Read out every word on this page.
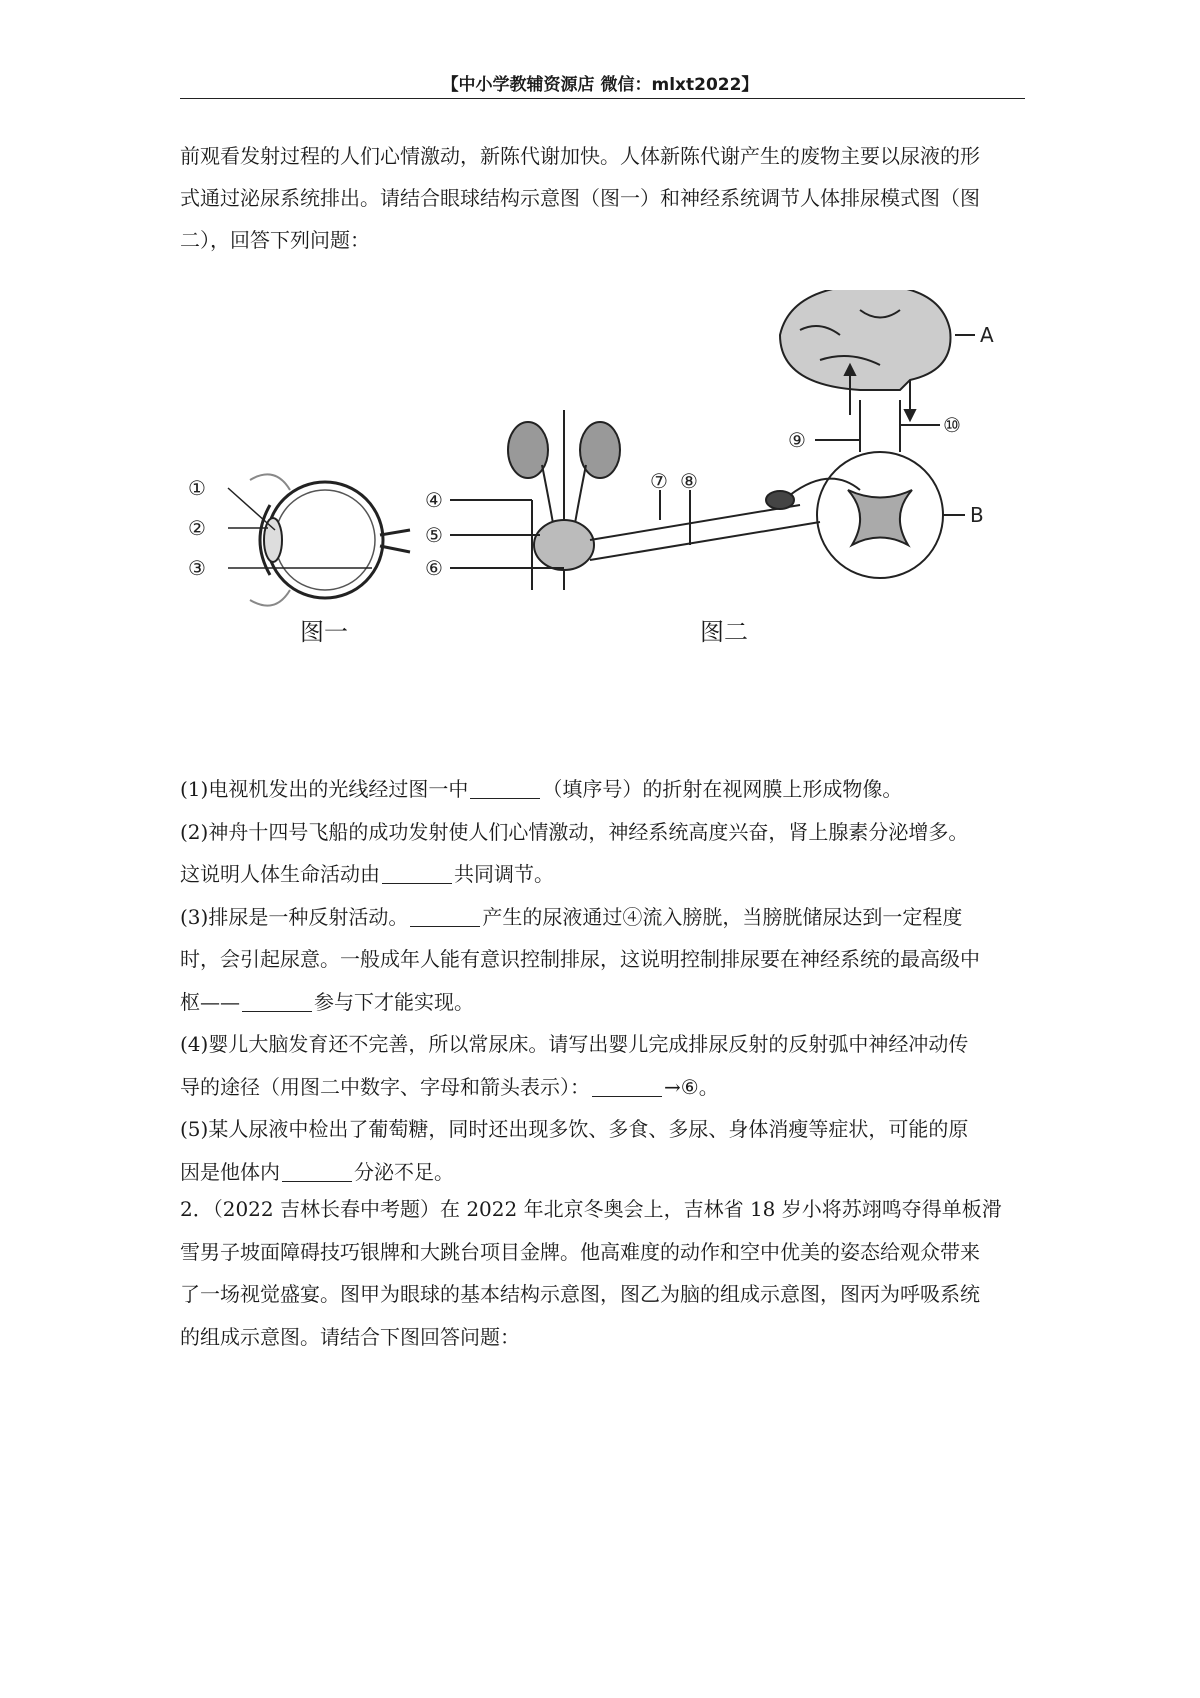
【中小学教辅资源店 微信：mlxt2022】
前观看发射过程的人们心情激动，新陈代谢加快。人体新陈代谢产生的废物主要以尿液的形
式通过泌尿系统排出。请结合眼球结构示意图（图一）和神经系统调节人体排尿模式图（图
二），回答下列问题：
①
②
③
A
B
④
⑤
⑥
⑦ ⑧
⑨
⑩
图一	图二

(1)电视机发出的光线经过图一中	（填序号）的折射在视网膜上形成物像。

(2)神舟十四号飞船的成功发射使人们心情激动，神经系统高度兴奋，肾上腺素分泌增多。

这说明人体生命活动由	共同调节。

(3)排尿是一种反射活动。	产生的尿液通过④流入膀胱，当膀胱储尿达到一定程度

时，会引起尿意。一般成年人能有意识控制排尿，这说明控制排尿要在神经系统的最高级中

枢——	参与下才能实现。

(4)婴儿大脑发育还不完善，所以常尿床。请写出婴儿完成排尿反射的反射弧中神经冲动传

导的途径（用图二中数字、字母和箭头表示）：	→⑥。

(5)某人尿液中检出了葡萄糖，同时还出现多饮、多食、多尿、身体消瘦等症状，可能的原

因是他体内	分泌不足。

2．（2022 吉林长春中考题）在 2022 年北京冬奥会上，吉林省 18 岁小将苏翊鸣夺得单板滑
雪男子坡面障碍技巧银牌和大跳台项目金牌。他高难度的动作和空中优美的姿态给观众带来
了一场视觉盛宴。图甲为眼球的基本结构示意图，图乙为脑的组成示意图，图丙为呼吸系统
的组成示意图。请结合下图回答问题：
